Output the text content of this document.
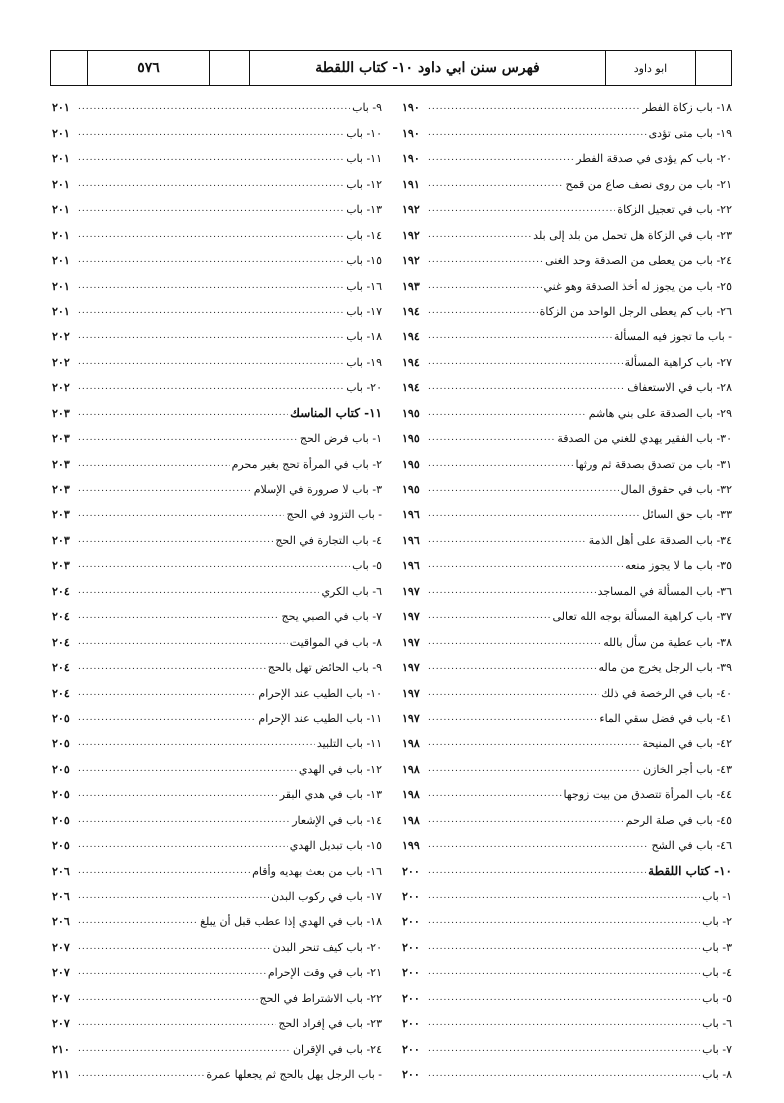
ابو داود
فهرس سنن ابي داود ١٠- كتاب اللقطة
٥٧٦
١٨- باب زكاة الفطر
.....
١٩٠
١٩- باب متى تؤدى
.....
١٩٠
٢٠- باب كم يؤدى في صدقة الفطر
.....
١٩٠
٢١- باب من روى نصف صاع من قمح
.....
١٩١
٢٢- باب في تعجيل الزكاة
.....
١٩٢
٢٣- باب في الزكاة هل تحمل من بلد إلى بلد
.....
١٩٢
٢٤- باب من يعطى من الصدقة وحد الغنى
.....
١٩٢
٢٥- باب من يجوز له أخذ الصدقة وهو غني
.....
١٩٣
٢٦- باب كم يعطى الرجل الواحد من الزكاة
.....
١٩٤
- باب ما تجوز فيه المسألة
.....
١٩٤
٢٧- باب كراهية المسألة
.....
١٩٤
٢٨- باب في الاستعفاف
.....
١٩٤
٢٩- باب الصدقة على بني هاشم
.....
١٩٥
٣٠- باب الفقير يهدي للغني من الصدقة
.....
١٩٥
٣١- باب من تصدق بصدقة ثم ورثها
.....
١٩٥
٣٢- باب في حقوق المال
.....
١٩٥
٣٣- باب حق السائل
.....
١٩٦
٣٤- باب الصدقة على أهل الذمة
.....
١٩٦
٣٥- باب ما لا يجوز منعه
.....
١٩٦
٣٦- باب المسألة في المساجد
.....
١٩٧
٣٧- باب كراهية المسألة بوجه الله تعالى
.....
١٩٧
٣٨- باب عطية من سأل بالله
.....
١٩٧
٣٩- باب الرجل يخرج من ماله
.....
١٩٧
٤٠- باب في الرخصة في ذلك
.....
١٩٧
٤١- باب في فضل سقي الماء
.....
١٩٧
٤٢- باب في المنيحة
.....
١٩٨
٤٣- باب أجر الخازن
.....
١٩٨
٤٤- باب المرأة تتصدق من بيت زوجها
.....
١٩٨
٤٥- باب في صلة الرحم
.....
١٩٨
٤٦- باب في الشح
.....
١٩٩
١٠- كتاب اللقطة
.....
٢٠٠
١- باب
.....
٢٠٠
٢- باب
.....
٢٠٠
٣- باب
.....
٢٠٠
٤- باب
.....
٢٠٠
٥- باب
.....
٢٠٠
٦- باب
.....
٢٠٠
٧- باب
.....
٢٠٠
٨- باب
.....
٢٠٠
٩- باب
.....
٢٠١
١٠- باب
.....
٢٠١
١١- باب
.....
٢٠١
١٢- باب
.....
٢٠١
١٣- باب
.....
٢٠١
١٤- باب
.....
٢٠١
١٥- باب
.....
٢٠١
١٦- باب
.....
٢٠١
١٧- باب
.....
٢٠١
١٨- باب
.....
٢٠٢
١٩- باب
.....
٢٠٢
٢٠- باب
.....
٢٠٢
١١- كتاب المناسك
.....
٢٠٣
١- باب فرض الحج
.....
٢٠٣
٢- باب في المرأة تحج بغير محرم
.....
٢٠٣
٣- باب لا صرورة في الإسلام
.....
٢٠٣
- باب التزود في الحج
.....
٢٠٣
٤- باب التجارة في الحج
.....
٢٠٣
٥- باب
.....
٢٠٣
٦- باب الكري
.....
٢٠٤
٧- باب في الصبي يحج
.....
٢٠٤
٨- باب في المواقيت
.....
٢٠٤
٩- باب الحائض تهل بالحج
.....
٢٠٤
١٠- باب الطيب عند الإحرام
.....
٢٠٤
١١- باب الطيب عند الإحرام
.....
٢٠٥
١١- باب التلبيد
.....
٢٠٥
١٢- باب في الهدي
.....
٢٠٥
١٣- باب في هدي البقر
.....
٢٠٥
١٤- باب في الإشعار
.....
٢٠٥
١٥- باب تبديل الهدي
.....
٢٠٥
١٦- باب من بعث بهديه وأقام
.....
٢٠٦
١٧- باب في ركوب البدن
.....
٢٠٦
١٨- باب في الهدي إذا عطب قبل أن يبلغ
.....
٢٠٦
٢٠- باب كيف تنحر البدن
.....
٢٠٧
٢١- باب في وقت الإحرام
.....
٢٠٧
٢٢- باب الاشتراط في الحج
.....
٢٠٧
٢٣- باب في إفراد الحج
.....
٢٠٧
٢٤- باب في الإقران
.....
٢١٠
- باب الرجل يهل بالحج ثم يجعلها عمرة
.....
٢١١
